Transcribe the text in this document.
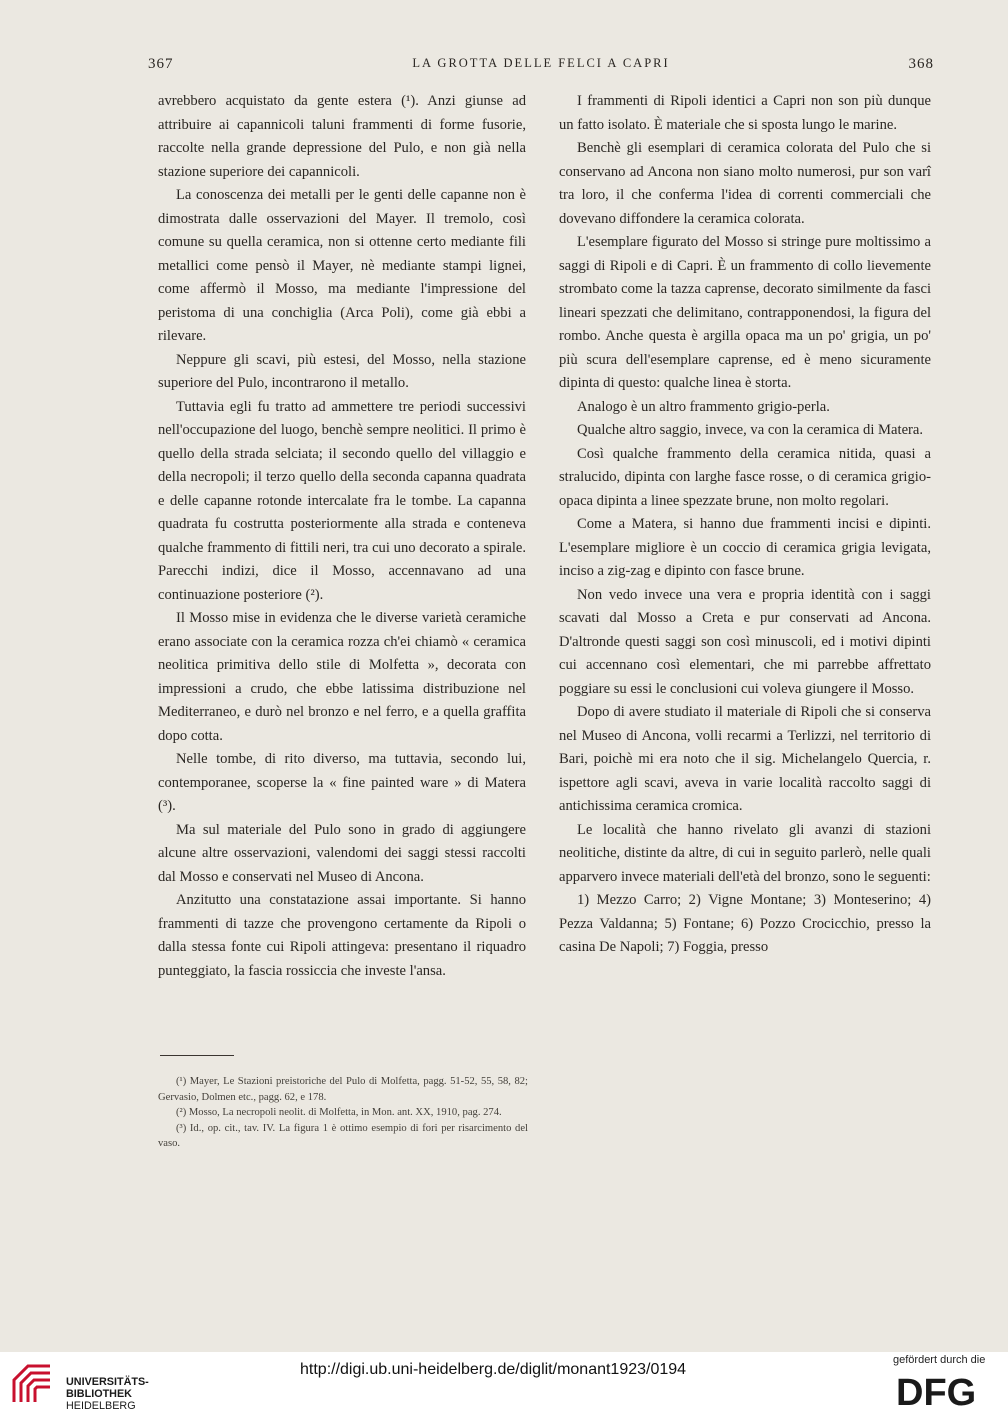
367	LA GROTTA DELLE FELCI A CAPRI	368

avrebbero acquistato da gente estera (¹). Anzi giunse ad attribuire ai capannicoli taluni frammenti di forme fusorie, raccolte nella grande depressione del Pulo, e non già nella stazione superiore dei capannicoli.

La conoscenza dei metalli per le genti delle capanne non è dimostrata dalle osservazioni del Mayer. Il tremolo, così comune su quella ceramica, non si ottenne certo mediante fili metallici come pensò il Mayer, nè mediante stampi lignei, come affermò il Mosso, ma mediante l'impressione del peristoma di una conchiglia (Arca Poli), come già ebbi a rilevare.

Neppure gli scavi, più estesi, del Mosso, nella stazione superiore del Pulo, incontrarono il metallo.

Tuttavia egli fu tratto ad ammettere tre periodi successivi nell'occupazione del luogo, benchè sempre neolitici. Il primo è quello della strada selciata; il secondo quello del villaggio e della necropoli; il terzo quello della seconda capanna quadrata e delle capanne rotonde intercalate fra le tombe. La capanna quadrata fu costrutta posteriormente alla strada e conteneva qualche frammento di fittili neri, tra cui uno decorato a spirale. Parecchi indizi, dice il Mosso, accennavano ad una continuazione posteriore (²).

Il Mosso mise in evidenza che le diverse varietà ceramiche erano associate con la ceramica rozza ch'ei chiamò « ceramica neolitica primitiva dello stile di Molfetta », decorata con impressioni a crudo, che ebbe latissima distribuzione nel Mediterraneo, e durò nel bronzo e nel ferro, e a quella graffita dopo cotta.

Nelle tombe, di rito diverso, ma tuttavia, secondo lui, contemporanee, scoperse la « fine painted ware » di Matera (³).

Ma sul materiale del Pulo sono in grado di aggiungere alcune altre osservazioni, valendomi dei saggi stessi raccolti dal Mosso e conservati nel Museo di Ancona.

Anzitutto una constatazione assai importante. Si hanno frammenti di tazze che provengono certamente da Ripoli o dalla stessa fonte cui Ripoli attingeva: presentano il riquadro punteggiato, la fascia rossiccia che investe l'ansa.

(¹) Mayer, Le Stazioni preistoriche del Pulo di Molfetta, pagg. 51-52, 55, 58, 82; Gervasio, Dolmen etc., pagg. 62, e 178.

(²) Mosso, La necropoli neolit. di Molfetta, in Mon. ant. XX, 1910, pag. 274.

(³) Id., op. cit., tav. IV. La figura 1 è ottimo esempio di fori per risarcimento del vaso.

I frammenti di Ripoli identici a Capri non son più dunque un fatto isolato. È materiale che si sposta lungo le marine.

Benchè gli esemplari di ceramica colorata del Pulo che si conservano ad Ancona non siano molto numerosi, pur son varî tra loro, il che conferma l'idea di correnti commerciali che dovevano diffondere la ceramica colorata.

L'esemplare figurato del Mosso si stringe pure moltissimo a saggi di Ripoli e di Capri. È un frammento di collo lievemente strombato come la tazza caprense, decorato similmente da fasci lineari spezzati che delimitano, contrapponendosi, la figura del rombo. Anche questa è argilla opaca ma un po' grigia, un po' più scura dell'esemplare caprense, ed è meno sicuramente dipinta di questo: qualche linea è storta.

Analogo è un altro frammento grigio-perla.

Qualche altro saggio, invece, va con la ceramica di Matera.

Così qualche frammento della ceramica nitida, quasi a stralucido, dipinta con larghe fasce rosse, o di ceramica grigio-opaca dipinta a linee spezzate brune, non molto regolari.

Come a Matera, si hanno due frammenti incisi e dipinti. L'esemplare migliore è un coccio di ceramica grigia levigata, inciso a zig-zag e dipinto con fasce brune.

Non vedo invece una vera e propria identità con i saggi scavati dal Mosso a Creta e pur conservati ad Ancona. D'altronde questi saggi son così minuscoli, ed i motivi dipinti cui accennano così elementari, che mi parrebbe affrettato poggiare su essi le conclusioni cui voleva giungere il Mosso.

Dopo di avere studiato il materiale di Ripoli che si conserva nel Museo di Ancona, volli recarmi a Terlizzi, nel territorio di Bari, poichè mi era noto che il sig. Michelangelo Quercia, r. ispettore agli scavi, aveva in varie località raccolto saggi di antichissima ceramica cromica.

Le località che hanno rivelato gli avanzi di stazioni neolitiche, distinte da altre, di cui in seguito parlerò, nelle quali apparvero invece materiali dell'età del bronzo, sono le seguenti:

1) Mezzo Carro; 2) Vigne Montane; 3) Monteserino; 4) Pezza Valdanna; 5) Fontane; 6) Pozzo Crocicchio, presso la casina De Napoli; 7) Foggia, presso

UNIVERSITÄTS-
BIBLIOTHEK
HEIDELBERG
http://digi.ub.uni-heidelberg.de/diglit/monant1923/0194
gefördert durch die
DFG
